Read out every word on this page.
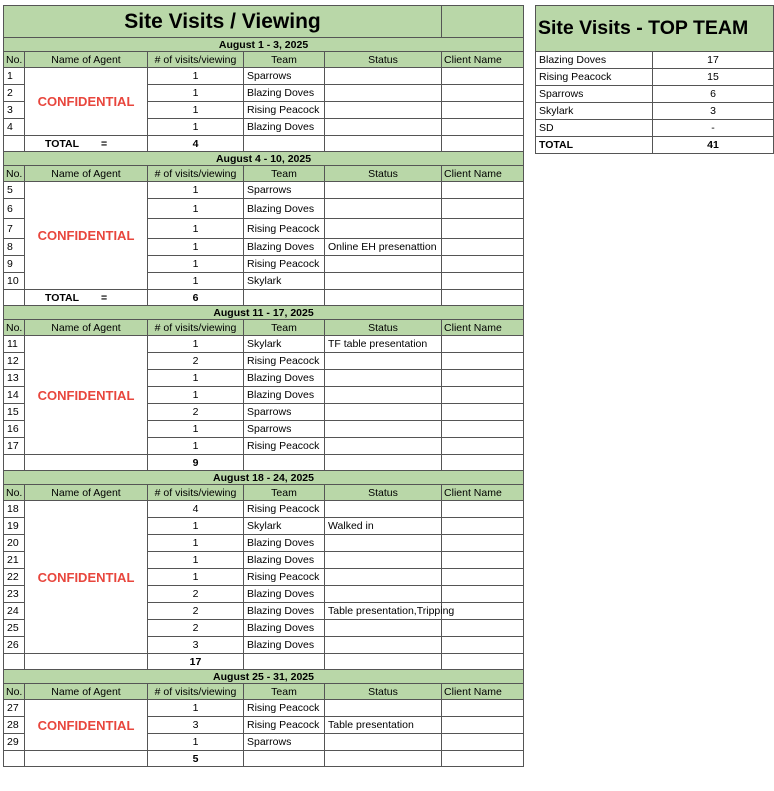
Site Visits / Viewing					
August 1 - 3, 2025					
No.	Name of Agent	# of visits/viewing	Team	Status	Client Name
1	CONFIDENTIAL	1	Sparrows		
2		1	Blazing Doves		
3		1	Rising Peacock		
4		1	Blazing Doves		
	TOTAL =	4			
August 4 - 10, 2025					
No.	Name of Agent	# of visits/viewing	Team	Status	Client Name
5	CONFIDENTIAL	1	Sparrows		
6		1	Blazing Doves		
7		1	Rising Peacock		
8		1	Blazing Doves	Online EH presenattion	
9		1	Rising Peacock		
10		1	Skylark		
	TOTAL =	6			
August 11 - 17, 2025					
No.	Name of Agent	# of visits/viewing	Team	Status	Client Name
11	CONFIDENTIAL	1	Skylark	TF table presentation	
12		2	Rising Peacock		
13		1	Blazing Doves		
14		1	Blazing Doves		
15		2	Sparrows		
16		1	Sparrows		
17		1	Rising Peacock		
		9			
August 18 - 24, 2025					
No.	Name of Agent	# of visits/viewing	Team	Status	Client Name
18	CONFIDENTIAL	4	Rising Peacock		
19		1	Skylark	Walked in	
20		1	Blazing Doves		
21		1	Blazing Doves		
22		1	Rising Peacock		
23		2	Blazing Doves		
24		2	Blazing Doves	Table presentation,Tripping	
25		2	Blazing Doves		
26		3	Blazing Doves		
		17			
August 25 - 31, 2025					
No.	Name of Agent	# of visits/viewing	Team	Status	Client Name
27	CONFIDENTIAL	1	Rising Peacock		
28		3	Rising Peacock	Table presentation	
29		1	Sparrows		
		5			
Site Visits - TOP TEAM	
Blazing Doves	17
Rising Peacock	15
Sparrows	6
Skylark	3
SD	-
TOTAL	41
